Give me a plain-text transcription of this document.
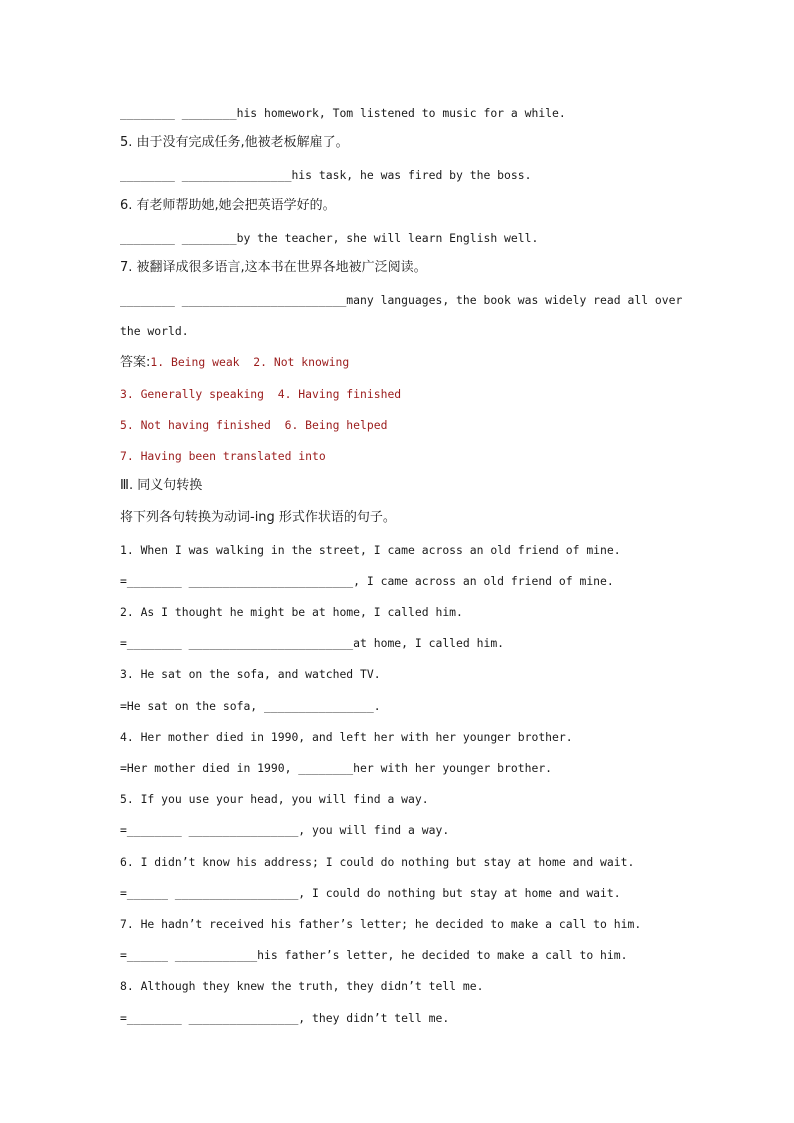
________ ________his homework, Tom listened to music for a while.
5. 由于没有完成任务,他被老板解雇了。
________ ________________his task, he was fired by the boss.
6. 有老师帮助她,她会把英语学好的。
________ ________by the teacher, she will learn English well.
7. 被翻译成很多语言,这本书在世界各地被广泛阅读。
________ ________________________many languages, the book was widely read all over
the world.
答案:1. Being weak  2. Not knowing
3. Generally speaking  4. Having finished
5. Not having finished  6. Being helped
7. Having been translated into
Ⅲ. 同义句转换
将下列各句转换为动词-ing 形式作状语的句子。
1. When I was walking in the street, I came across an old friend of mine.
=________ ________________________, I came across an old friend of mine.
2. As I thought he might be at home, I called him.
=________ ________________________at home, I called him.
3. He sat on the sofa, and watched TV.
=He sat on the sofa, ________________.
4. Her mother died in 1990, and left her with her younger brother.
=Her mother died in 1990, ________her with her younger brother.
5. If you use your head, you will find a way.
=________ ________________, you will find a way.
6. I didn’t know his address; I could do nothing but stay at home and wait.
=______ __________________, I could do nothing but stay at home and wait.
7. He hadn’t received his father’s letter; he decided to make a call to him.
=______ ____________his father’s letter, he decided to make a call to him.
8. Although they knew the truth, they didn’t tell me.
=________ ________________, they didn’t tell me.
